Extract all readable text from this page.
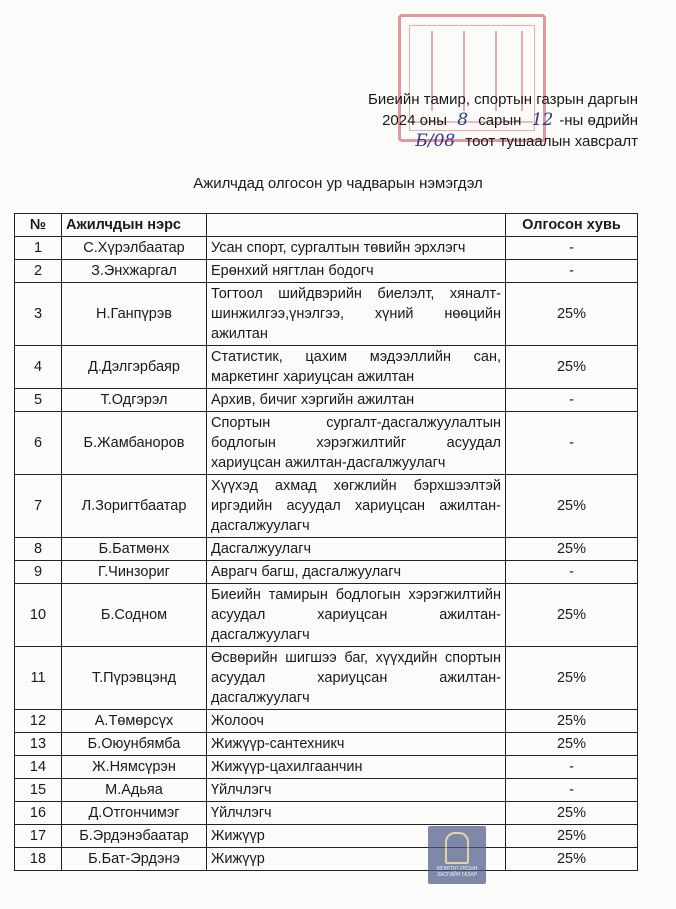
Биеийн тамир, спортын газрын даргын
2024 оны 8 сарын 12 -ны өдрийн
Б/08 тоот тушаалын хавсралт
Ажилчдад олгосон ур чадварын нэмэгдэл
№	Ажилчдын нэрс		Олгосон хувь
1	С.Хүрэлбаатар	Усан спорт, сургалтын төвийн эрхлэгч	-
2	З.Энхжаргал	Ерөнхий нягтлан бодогч	-
3	Н.Ганпүрэв	Тогтоол шийдвэрийн биелэлт, хяналт-шинжилгээ,үнэлгээ, хүний нөөцийн ажилтан	25%
4	Д.Дэлгэрбаяр	Статистик, цахим мэдээллийн сан, маркетинг хариуцсан ажилтан	25%
5	Т.Одгэрэл	Архив, бичиг хэргийн ажилтан	-
6	Б.Жамбаноров	Спортын сургалт-дасгалжуулалтын бодлогын хэрэгжилтийг асуудал хариуцсан ажилтан-дасгалжуулагч	-
7	Л.Зоригтбаатар	Хүүхэд ахмад хөгжлийн бэрхшээлтэй иргэдийн асуудал хариуцсан ажилтан-дасгалжуулагч	25%
8	Б.Батмөнх	Дасгалжуулагч	25%
9	Г.Чинзориг	Аврагч багш, дасгалжуулагч	-
10	Б.Содном	Биеийн тамирын бодлогын хэрэгжилтийн асуудал хариуцсан ажилтан-дасгалжуулагч	25%
11	Т.Пүрэвцэнд	Өсвөрийн шигшээ баг, хүүхдийн спортын асуудал хариуцсан ажилтан-дасгалжуулагч	25%
12	А.Төмөрсүх	Жолооч	25%
13	Б.Оюунбямба	Жижүүр-сантехникч	25%
14	Ж.Нямсүрэн	Жижүүр-цахилгаанчин	-
15	М.Адьяа	Үйлчлэгч	-
16	Д.Отгончимэг	Үйлчлэгч	25%
17	Б.Эрдэнэбаатар	Жижүүр	25%
18	Б.Бат-Эрдэнэ	Жижүүр	25%
МОНГОЛ УЛСЫН ЗАСГИЙН ГАЗАР
